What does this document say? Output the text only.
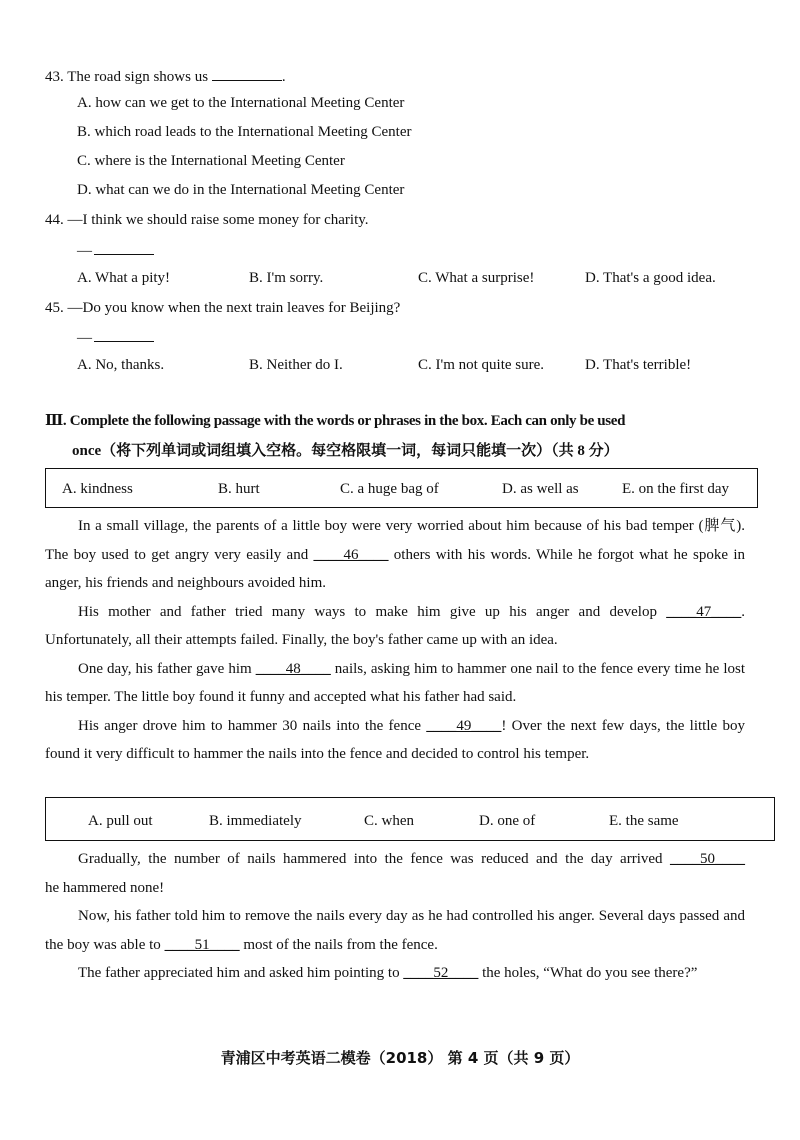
43. The road sign shows us	.
A. how can we get to the International Meeting Center
B. which road leads to the International Meeting Center
C. where is the International Meeting Center
D. what can we do in the International Meeting Center
44. —I think we should raise some money for charity.
—
A. What a pity!	B. I'm sorry.	C. What a surprise!	D. That's a good idea.
45. —Do you know when the next train leaves for Beijing?
—
A. No, thanks.	B. Neither do I.	C. I'm not quite sure.	D. That's terrible!
Ⅲ. Complete the following passage with the words or phrases in the box. Each can only be used
once（将下列单词或词组填入空格。每空格限填一词，每词只能填一次）（共 8 分）
A. kindness	B. hurt	C. a huge bag of	D. as well as	E. on the first day

In a small village, the parents of a little boy were very worried about him because of his bad temper (脾气). The boy used to get angry very easily and ____46____ others with his words. While he forgot what he spoke in anger, his friends and neighbours avoided him.

His mother and father tried many ways to make him give up his anger and develop ____47____. Unfortunately, all their attempts failed. Finally, the boy's father came up with an idea.

One day, his father gave him ____48____ nails, asking him to hammer one nail to the fence every time he lost his temper. The little boy found it funny and accepted what his father had said.

His anger drove him to hammer 30 nails into the fence ____49____! Over the next few days, the little boy found it very difficult to hammer the nails into the fence and decided to control his temper.

A. pull out	B. immediately	C. when	D. one of	E. the same

Gradually, the number of nails hammered into the fence was reduced and the day arrived ____50____ he hammered none!

Now, his father told him to remove the nails every day as he had controlled his anger. Several days passed and the boy was able to ____51____ most of the nails from the fence.

The father appreciated him and asked him pointing to ____52____ the holes, “What do you see there?”

青浦区中考英语二模卷（2018） 第 4 页（共 9 页）
